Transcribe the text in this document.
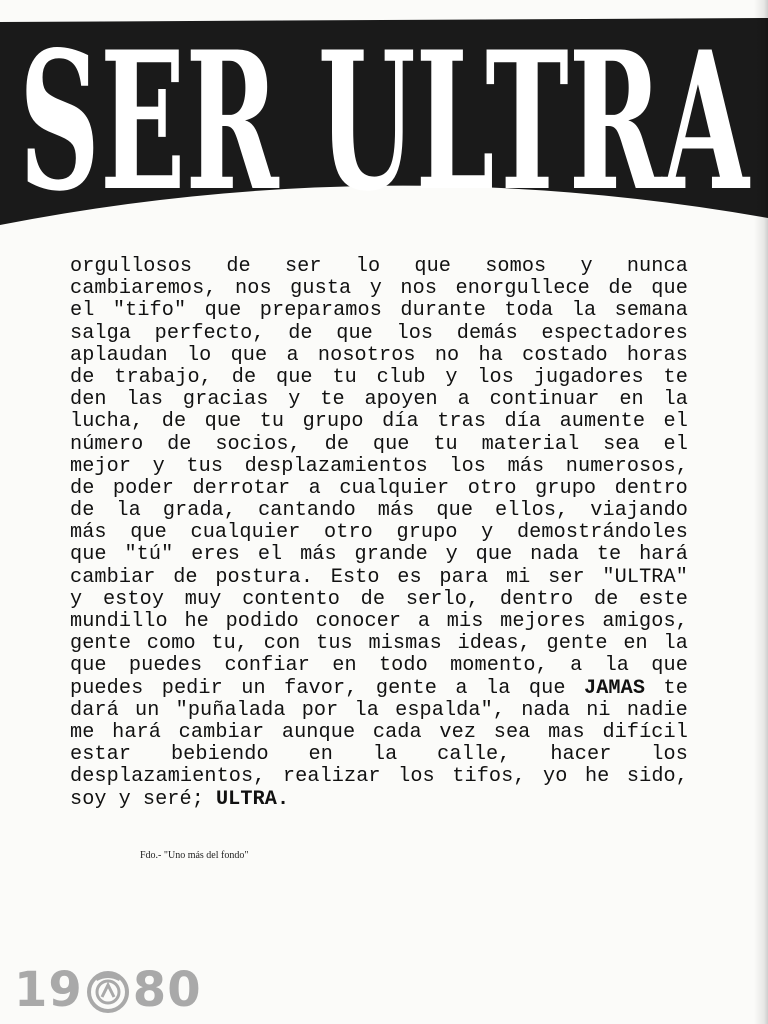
SER ULTRA
orgullosos de ser lo que somos y nunca
cambiaremos, nos gusta y nos enorgullece de que
el "tifo" que preparamos durante toda la semana
salga perfecto, de que los demás espectadores
aplaudan lo que a nosotros no ha costado horas
de trabajo, de que tu club y los jugadores te
den las gracias y te apoyen a continuar en la
lucha, de que tu grupo día tras día aumente el
número de socios, de que tu material sea el
mejor y tus desplazamientos los más numerosos,
de poder derrotar a cualquier otro grupo dentro
de la grada, cantando más que ellos, viajando
más que cualquier otro grupo y demostrándoles
que "tú" eres el más grande y que nada te hará
cambiar de postura. Esto es para mi ser "ULTRA"
y estoy muy contento de serlo, dentro de este
mundillo he podido conocer a mis mejores amigos,
gente como tu, con tus mismas ideas, gente en la
que puedes confiar en todo momento, a la que
puedes pedir un favor, gente a la que JAMAS te
dará un "puñalada por la espalda", nada ni nadie
me hará cambiar aunque cada vez sea mas difícil
estar bebiendo en la calle, hacer los
desplazamientos, realizar los tifos, yo he sido,
soy y seré; ULTRA.
Fdo.- "Uno más del fondo"
19 80
